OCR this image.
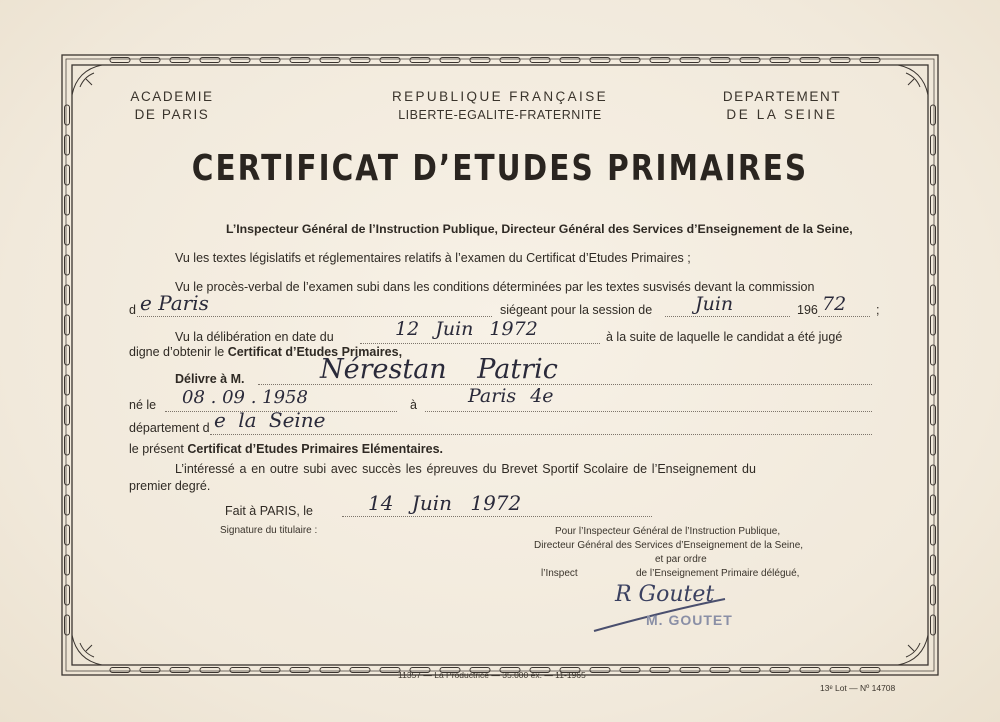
ACADEMIE
DE PARIS
REPUBLIQUE FRANÇAISE
LIBERTE-EGALITE-FRATERNITE
DEPARTEMENT
DE LA SEINE
CERTIFICAT D’ETUDES PRIMAIRES
L’Inspecteur Général de l’Instruction Publique, Directeur Général des Services d’Enseignement de la Seine,
Vu les textes législatifs et réglementaires relatifs à l’examen du Certificat d’Etudes Primaires ;
Vu le procès-verbal de l’examen subi dans les conditions déterminées par les textes susvisés devant la commission
d e Paris	siégeant pour la session de Juin	196 72 ;
Vu la délibération en date du	12 Juin 1972	à la suite de laquelle le candidat a été jugé
digne d’obtenir le Certificat d’Etudes Primaires,
Délivre à M.	Nérestan Patric
né le 08 . 09 . 1958	à	Paris 4e
département d e la Seine
le présent Certificat d’Etudes Primaires Elémentaires.
L’intéressé a en outre subi avec succès les épreuves du Brevet Sportif Scolaire de l’Enseignement du
premier degré.
Fait à PARIS, le	14 Juin 1972
Signature du titulaire :	Pour l’Inspecteur Général de l’Instruction Publique,
Directeur Général des Services d’Enseignement de la Seine,
et par ordre
l’Inspect	de l’Enseignement Primaire délégué,
R Goutet
M. GOUTET
11357 — La Productrice — 35.000 ex. — 11-1965
13ᵉ Lot — Nº 14708
